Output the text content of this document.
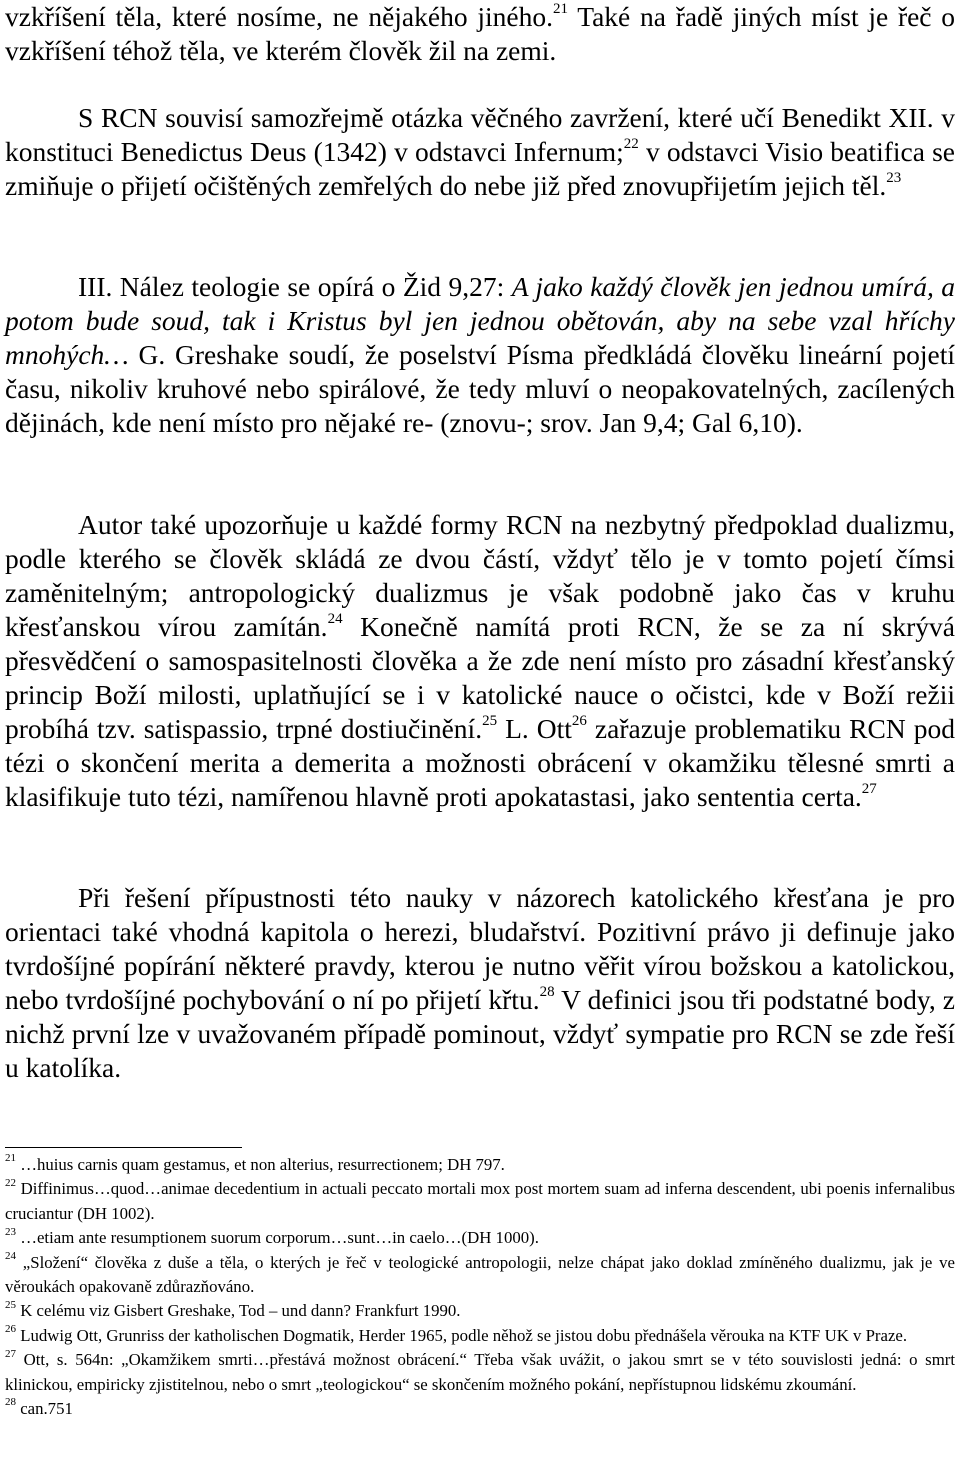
vzkříšení těla, které nosíme, ne nějakého jiného.$^{21}$ Také na řadě jiných míst je řeč o vzkříšení téhož těla, ve kterém člověk žil na zemi.

S RCN souvisí samozřejmě otázka věčného zavržení, které učí Benedikt XII. v konstituci Benedictus Deus (1342) v odstavci Infernum;$^{22}$ v odstavci Visio beatifica se zmiňuje o přijetí očištěných zemřelých do nebe již před znovupřijetím jejich těl.$^{23}$

III. Nález teologie se opírá o Žid 9,27: A jako každý člověk jen jednou umírá, a potom bude soud, tak i Kristus byl jen jednou obětován, aby na sebe vzal hříchy mnohých… G. Greshake soudí, že poselství Písma předkládá člověku lineární pojetí času, nikoliv kruhové nebo spirálové, že tedy mluví o neopakovatelných, zacílených dějinách, kde není místo pro nějaké re- (znovu-; srov. Jan 9,4; Gal 6,10).

Autor také upozorňuje u každé formy RCN na nezbytný předpoklad dualizmu, podle kterého se člověk skládá ze dvou částí, vždyť tělo je v tomto pojetí čímsi zaměnitelným; antropologický dualizmus je však podobně jako čas v kruhu křesťanskou vírou zamítán.$^{24}$ Konečně namítá proti RCN, že se za ní skrývá přesvědčení o samospasitelnosti člověka a že zde není místo pro zásadní křesťanský princip Boží milosti, uplatňující se i v katolické nauce o očistci, kde v Boží režii probíhá tzv. satispassio, trpné dostiučinění.$^{25}$ L. Ott$^{26}$ zařazuje problematiku RCN pod tézi o skončení merita a demerita a možnosti obrácení v okamžiku tělesné smrti a klasifikuje tuto tézi, namířenou hlavně proti apokatastasi, jako sententia certa.$^{27}$

Při řešení přípustnosti této nauky v názorech katolického křesťana je pro orientaci také vhodná kapitola o herezi, bludařství. Pozitivní právo ji definuje jako tvrdošíjné popírání některé pravdy, kterou je nutno věřit vírou božskou a katolickou, nebo tvrdošíjné pochybování o ní po přijetí křtu.$^{28}$ V definici jsou tři podstatné body, z nichž první lze v uvažovaném případě pominout, vždyť sympatie pro RCN se zde řeší u katolíka.

$^{21}$ …huius carnis quam gestamus, et non alterius, resurrectionem; DH 797.

$^{22}$ Diffinimus…quod…animae decedentium in actuali peccato mortali mox post mortem suam ad inferna descendent, ubi poenis infernalibus cruciantur (DH 1002).

$^{23}$ …etiam ante resumptionem suorum corporum…sunt…in caelo…(DH 1000).

$^{24}$ „Složení“ člověka z duše a těla, o kterých je řeč v teologické antropologii, nelze chápat jako doklad zmíněného dualizmu, jak je ve věroukách opakovaně zdůrazňováno.

$^{25}$ K celému viz Gisbert Greshake, Tod – und dann? Frankfurt 1990.

$^{26}$ Ludwig Ott, Grunriss der katholischen Dogmatik, Herder 1965, podle něhož se jistou dobu přednášela věrouka na KTF UK v Praze.

$^{27}$ Ott, s. 564n: „Okamžikem smrti…přestává možnost obrácení.“ Třeba však uvážit, o jakou smrt se v této souvislosti jedná: o smrt klinickou, empiricky zjistitelnou, nebo o smrt „teologickou“ se skončením možného pokání, nepřístupnou lidskému zkoumání.

$^{28}$ can.751
